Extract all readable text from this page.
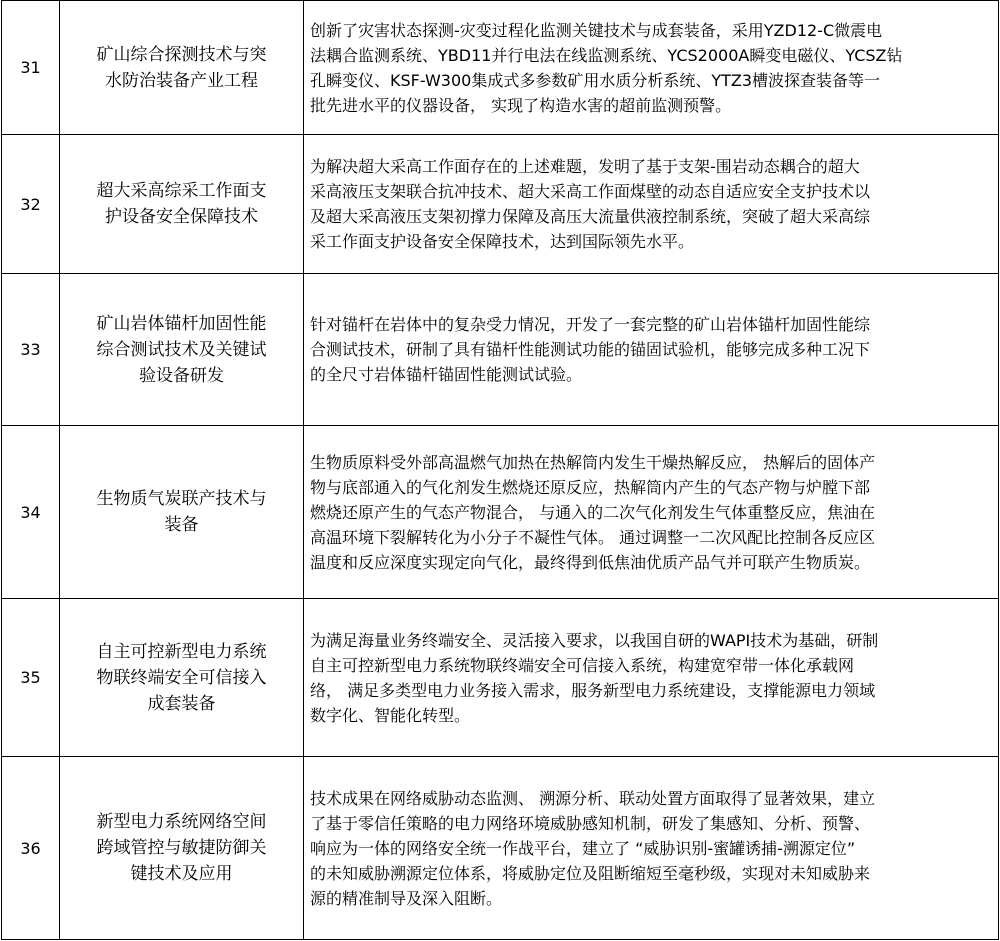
31	矿山综合探测技术与突
水防治装备产业工程	创新了灾害状态探测-灾变过程化监测关键技术与成套装备，采用YZD12-C微震电
法耦合监测系统、YBD11并行电法在线监测系统、YCS2000A瞬变电磁仪、YCSZ钻
孔瞬变仪、KSF-W300集成式多参数矿用水质分析系统、YTZ3槽波探查装备等一
批先进水平的仪器设备， 实现了构造水害的超前监测预警。

32	超大采高综采工作面支
护设备安全保障技术	为解决超大采高工作面存在的上述难题，发明了基于支架-围岩动态耦合的超大
采高液压支架联合抗冲技术、超大采高工作面煤壁的动态自适应安全支护技术以
及超大采高液压支架初撑力保障及高压大流量供液控制系统，突破了超大采高综
采工作面支护设备安全保障技术，达到国际领先水平。

33	矿山岩体锚杆加固性能
综合测试技术及关键试
验设备研发	针对锚杆在岩体中的复杂受力情况，开发了一套完整的矿山岩体锚杆加固性能综
合测试技术，研制了具有锚杆性能测试功能的锚固试验机，能够完成多种工况下
的全尺寸岩体锚杆锚固性能测试试验。

34	生物质气炭联产技术与
装备	生物质原料受外部高温燃气加热在热解筒内发生干燥热解反应， 热解后的固体产
物与底部通入的气化剂发生燃烧还原反应，热解筒内产生的气态产物与炉膛下部
燃烧还原产生的气态产物混合， 与通入的二次气化剂发生气体重整反应，焦油在
高温环境下裂解转化为小分子不凝性气体。 通过调整一二次风配比控制各反应区
温度和反应深度实现定向气化，最终得到低焦油优质产品气并可联产生物质炭。

35	自主可控新型电力系统
物联终端安全可信接入
成套装备	为满足海量业务终端安全、灵活接入要求，以我国自研的WAPI技术为基础，研制
自主可控新型电力系统物联终端安全可信接入系统，构建宽窄带一体化承载网
络， 满足多类型电力业务接入需求，服务新型电力系统建设，支撑能源电力领域
数字化、智能化转型。

36	新型电力系统网络空间
跨域管控与敏捷防御关
键技术及应用	技术成果在网络威胁动态监测、 溯源分析、联动处置方面取得了显著效果，建立
了基于零信任策略的电力网络环境威胁感知机制，研发了集感知、分析、预警、
响应为一体的网络安全统一作战平台，建立了 “威胁识别-蜜罐诱捕-溯源定位”
的未知威胁溯源定位体系，将威胁定位及阻断缩短至毫秒级，实现对未知威胁来
源的精准制导及深入阻断。
